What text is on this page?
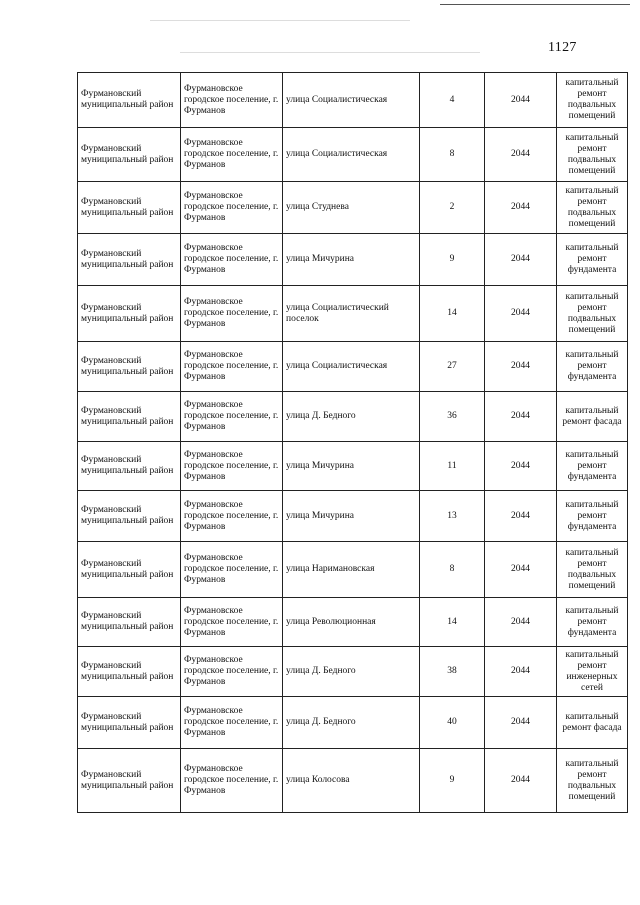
1127
Фурмановский муниципальный район	Фурмановское городское поселение, г. Фурманов	улица Социалистическая	4	2044	капитальный ремонт подвальных помещений
Фурмановский муниципальный район	Фурмановское городское поселение, г. Фурманов	улица Социалистическая	8	2044	капитальный ремонт подвальных помещений
Фурмановский муниципальный район	Фурмановское городское поселение, г. Фурманов	улица Студнева	2	2044	капитальный ремонт подвальных помещений
Фурмановский муниципальный район	Фурмановское городское поселение, г. Фурманов	улица Мичурина	9	2044	капитальный ремонт фундамента
Фурмановский муниципальный район	Фурмановское городское поселение, г. Фурманов	улица Социалистический поселок	14	2044	капитальный ремонт подвальных помещений
Фурмановский муниципальный район	Фурмановское городское поселение, г. Фурманов	улица Социалистическая	27	2044	капитальный ремонт фундамента
Фурмановский муниципальный район	Фурмановское городское поселение, г. Фурманов	улица Д. Бедного	36	2044	капитальный ремонт фасада
Фурмановский муниципальный район	Фурмановское городское поселение, г. Фурманов	улица Мичурина	11	2044	капитальный ремонт фундамента
Фурмановский муниципальный район	Фурмановское городское поселение, г. Фурманов	улица Мичурина	13	2044	капитальный ремонт фундамента
Фурмановский муниципальный район	Фурмановское городское поселение, г. Фурманов	улица Наримановская	8	2044	капитальный ремонт подвальных помещений
Фурмановский муниципальный район	Фурмановское городское поселение, г. Фурманов	улица Революционная	14	2044	капитальный ремонт фундамента
Фурмановский муниципальный район	Фурмановское городское поселение, г. Фурманов	улица Д. Бедного	38	2044	капитальный ремонт инженерных сетей
Фурмановский муниципальный район	Фурмановское городское поселение, г. Фурманов	улица Д. Бедного	40	2044	капитальный ремонт фасада
Фурмановский муниципальный район	Фурмановское городское поселение, г. Фурманов	улица Колосова	9	2044	капитальный ремонт подвальных помещений
